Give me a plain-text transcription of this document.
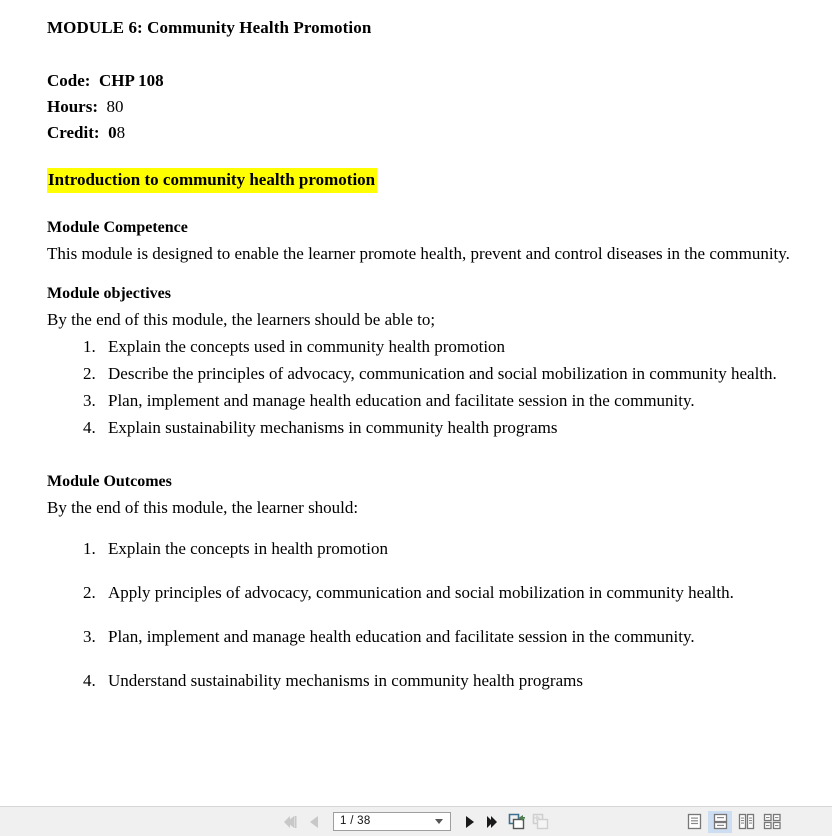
MODULE 6: Community Health Promotion
Code: CHP 108
Hours: 80
Credit: 08
Introduction to community health promotion
Module Competence

This module is designed to enable the learner promote health, prevent and control diseases in the community.

Module objectives

By the end of this module, the learners should be able to;

Explain the concepts used in community health promotion
Describe the principles of advocacy, communication and social mobilization in community health.
Plan, implement and manage health education and facilitate session in the community.
Explain sustainability mechanisms in community health programs
Module Outcomes

By the end of this module, the learner should:

Explain the concepts in health promotion
Apply principles of advocacy, communication and social mobilization in community health.
Plan, implement and manage health education and facilitate session in the community.
Understand sustainability mechanisms in community health programs
1 / 38
